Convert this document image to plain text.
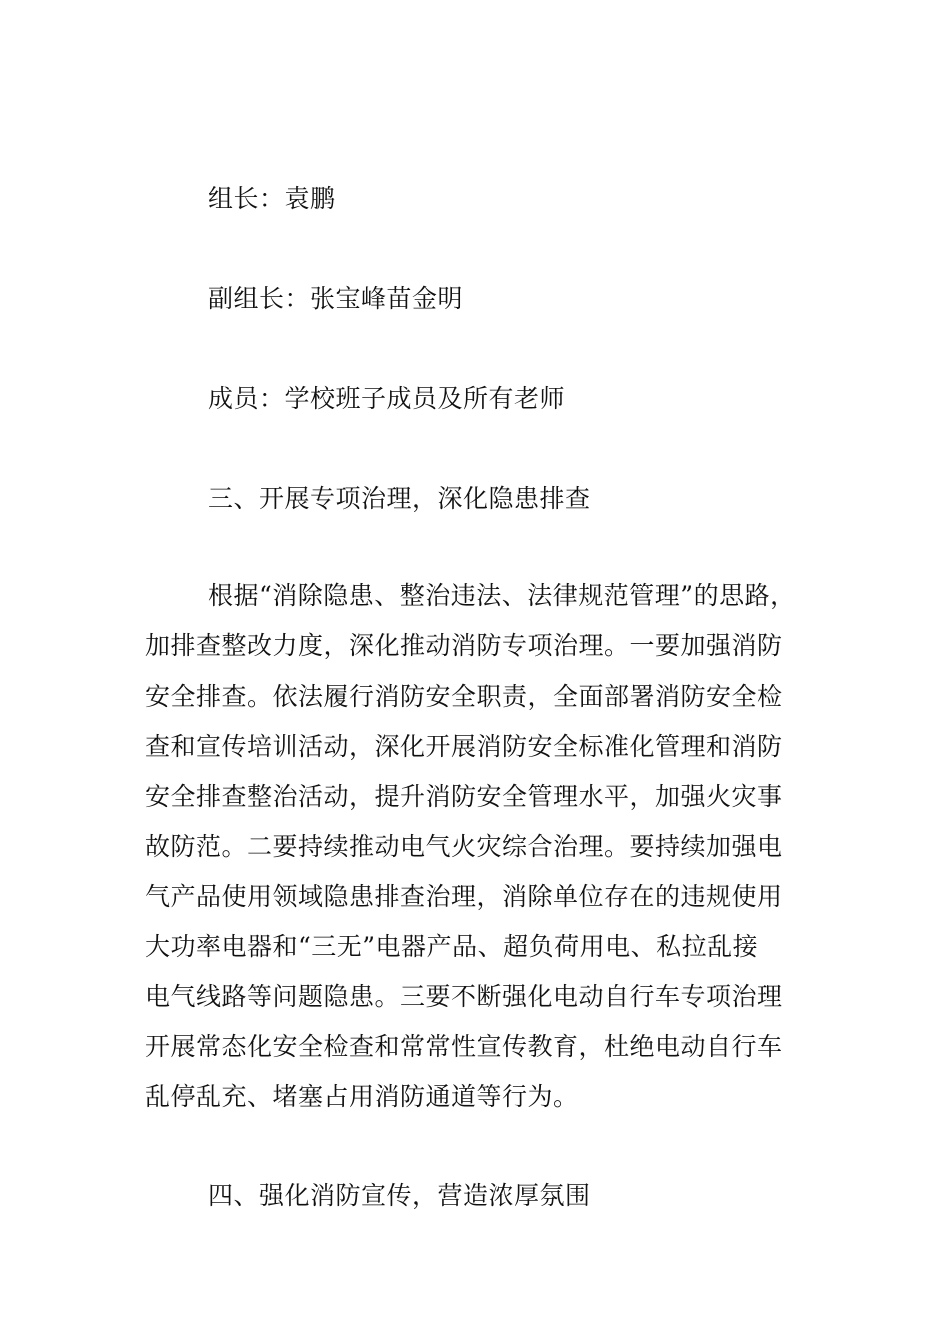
组长：袁鹏
副组长：张宝峰苗金明
成员：学校班子成员及所有老师
三、开展专项治理，深化隐患排查
根据“消除隐患、整治违法、法律规范管理”的思路，
加排查整改力度，深化推动消防专项治理。一要加强消防
安全排查。依法履行消防安全职责，全面部署消防安全检
查和宣传培训活动，深化开展消防安全标准化管理和消防
安全排查整治活动，提升消防安全管理水平，加强火灾事
故防范。二要持续推动电气火灾综合治理。要持续加强电
气产品使用领域隐患排查治理，消除单位存在的违规使用
大功率电器和“三无”电器产品、超负荷用电、私拉乱接
电气线路等问题隐患。三要不断强化电动自行车专项治理
开展常态化安全检查和常常性宣传教育，杜绝电动自行车
乱停乱充、堵塞占用消防通道等行为。
四、强化消防宣传，营造浓厚氛围
